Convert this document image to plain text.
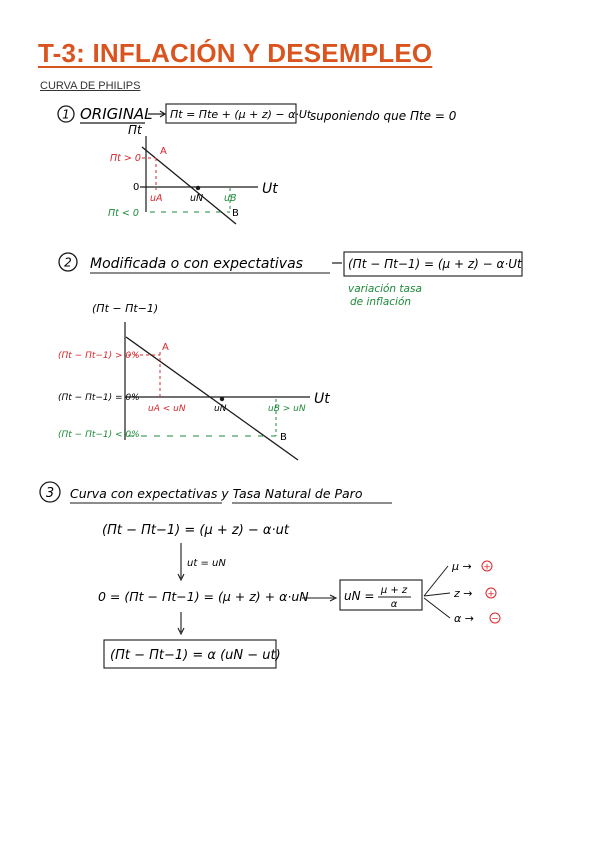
T-3: INFLACIÓN Y DESEMPLEO
CURVA DE PHILIPS
1 ORIGINAL Πt = Πte + (μ + z) − α·Ut
suponiendo que Πte = 0
Πt
Ut
0
Πt > 0
A
uA	uN uB
Πt < 0	B
2 Modificada o con expectativas	(Πt − Πt−1) = (μ + z) − α·Ut
variación tasa
de inflación
(Πt − Πt−1)
Ut
(Πt − Πt−1) > 0%
A
uA < uN	uN
(Πt − Πt−1) = 0%
uB > uN
(Πt − Πt−1) < 0%	B
3 Curva con expectativas y Tasa Natural de Paro
(Πt − Πt−1) = (μ + z) − α·ut
ut = uN
0 = (Πt − Πt−1) = (μ + z) + α·uN	uN = μ + z
α
μ →
z →
α →
+
+
−
(Πt − Πt−1) = α (uN − ut)
